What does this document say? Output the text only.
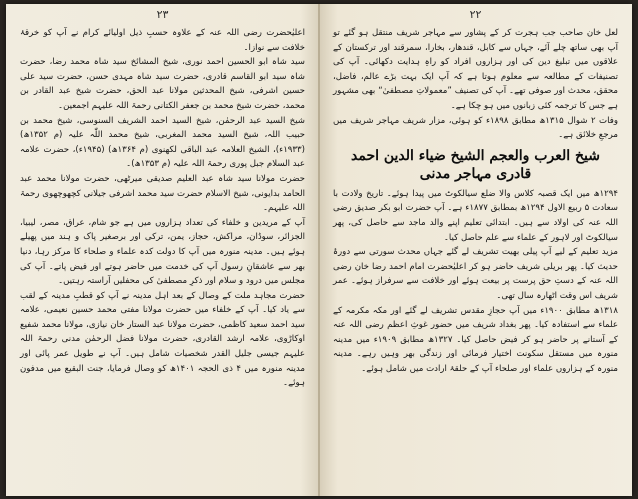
۲۳

اعلیٰحضرت رضی اللہ عنہ کے علاوہ حسبِ ذیل اولیائے کرام نے آپ کو خرقۂ خلافت سے نوازا۔

سید شاہ ابو الحسین احمد نوری، شیخ المشائخ سید شاہ محمد رضا، حضرت شاہ سید ابو القاسم قادری، حضرت سید شاہ مہدی حسن، حضرت سید علی حسین اشرفی، شیخ المحدثین مولانا عبد الحق، حضرت شیخ عبد القادر بن محمد، حضرت شیخ محمد بن جعفر الکتانی رحمۃ اللہ علیہم اجمعین۔

شیخ السید عبد الرحمٰن، شیخ السید احمد الشریف السنوسی، شیخ محمد بن حبیب اللہ، شیخ السید محمد المغربی، شیخ محمد اللّٰہ علیہ (م ۱۳۵۲ھ) (۱۹۳۳ء)، الشیخ العلامہ عبد الباقی لکھنوی (م ۱۳۶۴ھ) (۱۹۴۵ء)، حضرت علامہ عبد السلام جبل پوری رحمۃ اللہ علیہ (م ۱۳۵۳ھ)۔

حضرت مولانا سید شاہ عبد العلیم صدیقی میرٹھی، حضرت مولانا محمد عبد الحامد بدایونی، شیخ الاسلام حضرت سید محمد اشرفی جیلانی کچھوچھوی رحمۃ اللہ علیہم۔

آپ کے مریدین و خلفاء کی تعداد ہزاروں میں ہے جو شام، عراق، مصر، لیبیا، الجزائر، سوڈان، مراکش، حجاز، یمن، ترکی اور برصغیر پاک و ہند میں پھیلے ہوئے ہیں۔ مدینہ منورہ میں آپ کا دولت کدہ علماء و صلحاء کا مرکز رہا، دنیا بھر سے عاشقانِ رسول آپ کی خدمت میں حاضر ہوتے اور فیض پاتے۔ آپ کی مجلس میں درود و سلام اور ذکرِ مصطفیٰ کی محفلیں آراستہ رہتیں۔

حضرت مجاہد ملت کے وصال کے بعد اہل مدینہ نے آپ کو قطبِ مدینہ کے لقب سے یاد کیا۔ آپ کے خلفاء میں حضرت مولانا مفتی محمد حسین نعیمی، علامہ سید احمد سعید کاظمی، حضرت مولانا عبد الستار خان نیازی، مولانا محمد شفیع اوکاڑوی، علامہ ارشد القادری، حضرت مولانا فضل الرحمٰن مدنی رحمۃ اللہ علیہم جیسی جلیل القدر شخصیات شامل ہیں۔ آپ نے طویل عمر پائی اور مدینہ منورہ میں ۴ ذی الحجہ ۱۴۰۱ھ کو وصال فرمایا، جنت البقیع میں مدفون ہوئے۔

۲۲

لعل خان صاحب جب ہجرت کر کے پشاور سے مہاجر شریف منتقل ہو گئے تو آپ بھی ساتھ چلے آئے، جہاں سے کابل، قندھار، بخارا، سمرقند اور ترکستان کے علاقوں میں تبلیغ دین کی اور ہزاروں افراد کو راہِ ہدایت دکھائی۔ آپ کی تصنیفات کے مطالعہ سے معلوم ہوتا ہے کہ آپ ایک بہت بڑے عالم، فاضل، محقق، محدث اور صوفی تھے۔ آپ کی تصنیف ”معمولاتِ مصطفیٰ“ بھی مشہور ہے جس کا ترجمہ کئی زبانوں میں ہو چکا ہے۔

وفات ۲ شوال ۱۳۱۵ھ مطابق ۱۸۹۸ء کو ہوئی، مزار شریف مہاجر شریف میں مرجعِ خلائق ہے۔

شیخ العرب والعجم الشیخ ضیاء الدین احمد قادری مہاجر مدنی

۱۲۹۴ھ میں ایک قصبہ کلاس والا ضلع سیالکوٹ میں پیدا ہوئے۔ تاریخ ولادت با سعادت ۵ ربیع الاول ۱۲۹۴ھ بمطابق ۱۸۷۷ء ہے۔ آپ حضرت ابو بکر صدیق رضی اللہ عنہ کی اولاد سے ہیں۔ ابتدائی تعلیم اپنے والد ماجد سے حاصل کی، پھر سیالکوٹ اور لاہور کے علماء سے علم حاصل کیا۔

مزید تعلیم کے لیے آپ پیلی بھیت تشریف لے گئے جہاں محدث سورتی سے دورۂ حدیث کیا۔ پھر بریلی شریف حاضر ہو کر اعلیٰحضرت امام احمد رضا خان رضی اللہ عنہ کے دستِ حق پرست پر بیعت ہوئے اور خلافت سے سرفراز ہوئے۔ عمر شریف اس وقت اٹھارہ سال تھی۔

۱۳۱۸ھ مطابق ۱۹۰۰ء میں آپ حجازِ مقدس تشریف لے گئے اور مکہ مکرمہ کے علماء سے استفادہ کیا۔ پھر بغداد شریف میں حضور غوثِ اعظم رضی اللہ عنہ کے آستانے پر حاضر ہو کر فیض حاصل کیا۔ ۱۳۲۷ھ مطابق ۱۹۰۹ء میں مدینہ منورہ میں مستقل سکونت اختیار فرمائی اور زندگی بھر وہیں رہے۔ مدینہ منورہ کے ہزاروں علماء اور صلحاء آپ کے حلقۂ ارادت میں شامل ہوئے۔
